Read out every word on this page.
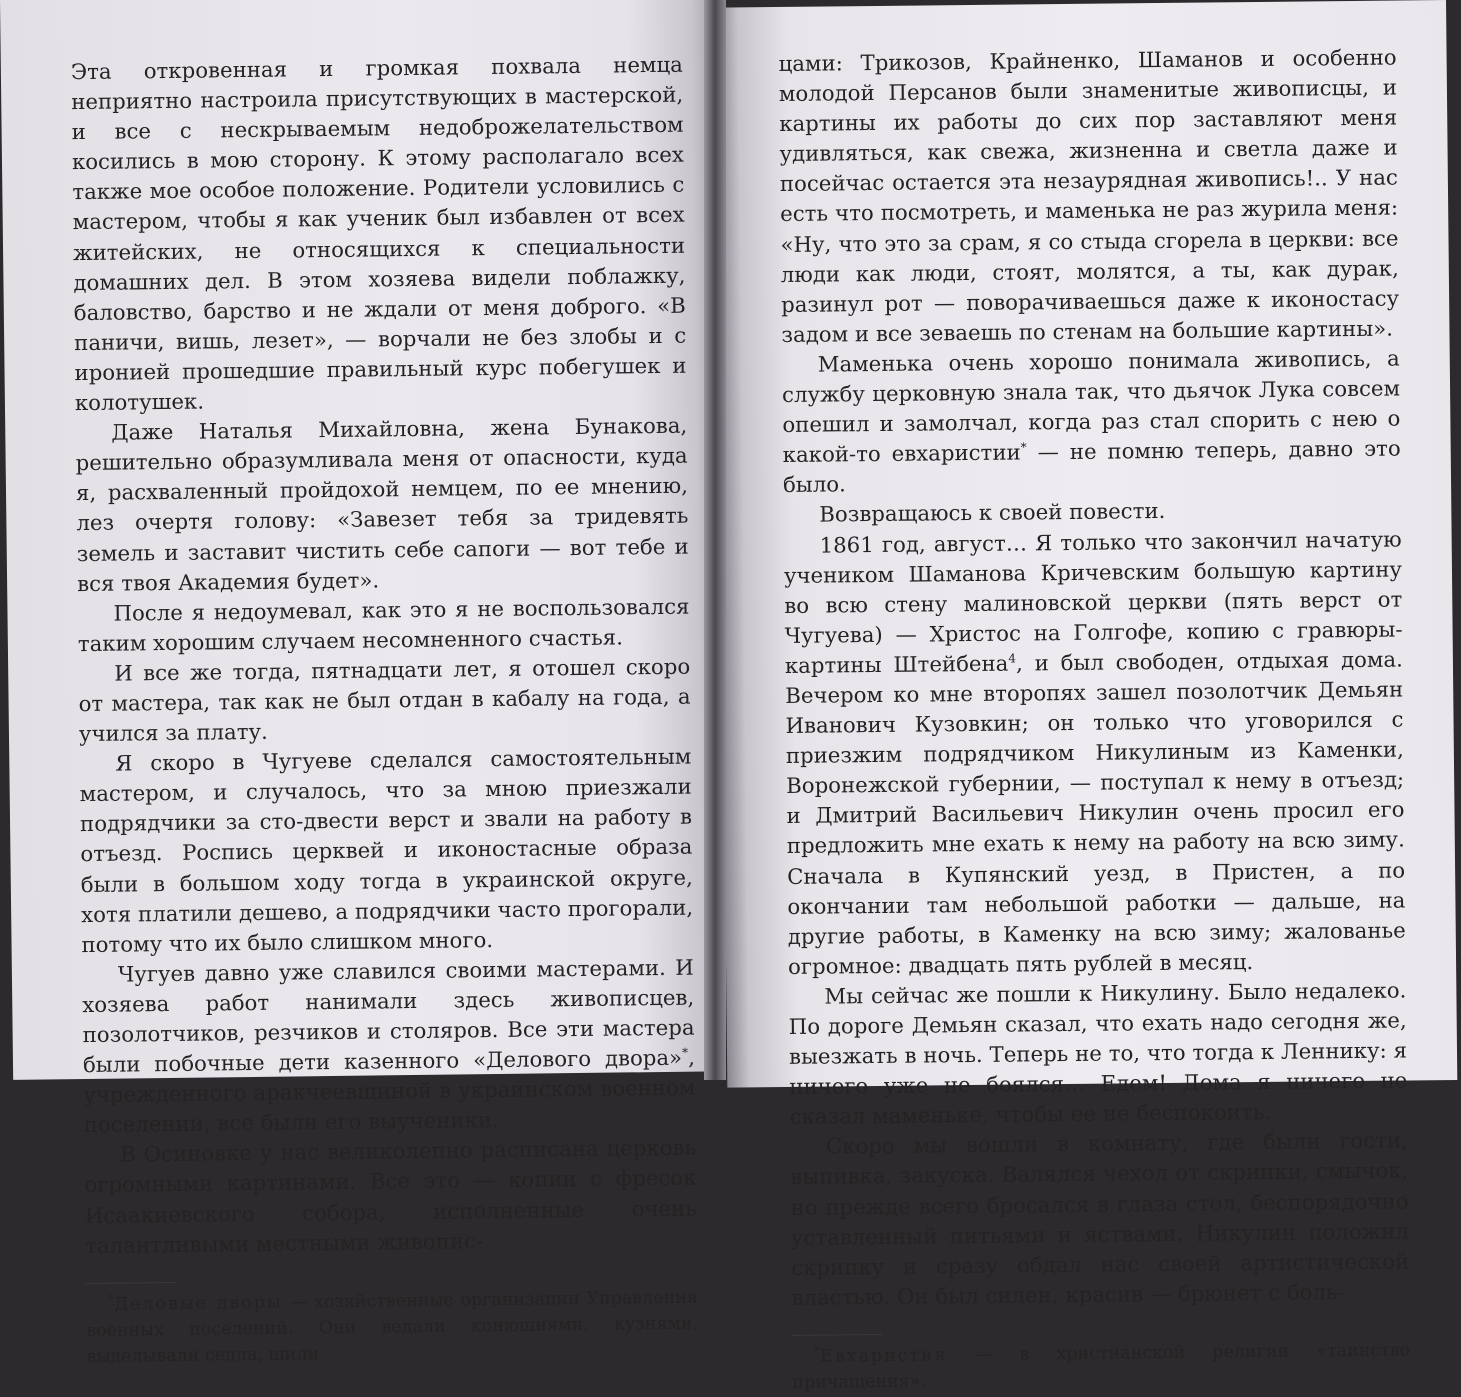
Эта откровенная и громкая похвала немца неприятно настроила присутствующих в мастерской, и все с нескрываемым недоброжелательством косились в мою сторону. К этому располагало всех также мое особое положение. Родители условились с мастером, чтобы я как ученик был избавлен от всех житейских, не относящихся к специальности домашних дел. В этом хозяева видели поблажку, баловство, барство и не ждали от меня доброго. «В паничи, вишь, лезет», — ворчали не без злобы и с иронией прошедшие правильный курс побегушек и колотушек.

Даже Наталья Михайловна, жена Бунакова, решительно образумливала меня от опасности, куда я, расхваленный пройдохой немцем, по ее мнению, лез очертя голову: «Завезет тебя за тридевять земель и заставит чистить себе сапоги — вот тебе и вся твоя Академия будет».

После я недоумевал, как это я не воспользовался таким хорошим случаем несомненного счастья.

И все же тогда, пятнадцати лет, я отошел скоро от мастера, так как не был отдан в кабалу на года, а учился за плату.

Я скоро в Чугуеве сделался самостоятельным мастером, и случалось, что за мною приезжали подрядчики за сто-двести верст и звали на работу в отъезд. Роспись церквей и иконостасные образа были в большом ходу тогда в украинской округе, хотя платили дешево, а подрядчики часто прогорали, потому что их было слишком много.

Чугуев давно уже славился своими мастерами. И хозяева работ нанимали здесь живописцев, позолотчиков, резчиков и столяров. Все эти мастера были побочные дети казенного «Делового двора»*, учрежденного аракчеевщиной в украинском военном поселении, все были его выученики.

В Осиновке у нас великолепно расписана церковь огромными картинами. Все это — копии с фресок Исаакиевского собора, исполненные очень талантливыми местными живопис-

*Деловые дворы — хозяйственные организации Управления военных поселений. Они ведали конюшнями, кузнями, выделывали седла, шили

цами: Трикозов, Крайненко, Шаманов и особенно молодой Персанов были знаменитые живописцы, и картины их работы до сих пор заставляют меня удивляться, как свежа, жизненна и светла даже и посейчас остается эта незаурядная живопись!.. У нас есть что посмотреть, и маменька не раз журила меня: «Ну, что это за срам, я со стыда сгорела в церкви: все люди как люди, стоят, молятся, а ты, как дурак, разинул рот — поворачиваешься даже к иконостасу задом и все зеваешь по стенам на большие картины».

Маменька очень хорошо понимала живопись, а службу церковную знала так, что дьячок Лука совсем опешил и замолчал, когда раз стал спорить с нею о какой-то евхаристии* — не помню теперь, давно это было.

Возвращаюсь к своей повести.

1861 год, август… Я только что закончил начатую учеником Шаманова Кричевским большую картину во всю стену малиновской церкви (пять верст от Чугуева) — Христос на Голгофе, копию с гравюры-картины Штейбена$^4$, и был свободен, отдыхая дома. Вечером ко мне второпях зашел позолотчик Демьян Иванович Кузовкин; он только что уговорился с приезжим подрядчиком Никулиным из Каменки, Воронежской губернии, — поступал к нему в отъезд; и Дмитрий Васильевич Никулин очень просил его предложить мне ехать к нему на работу на всю зиму. Сначала в Купянский уезд, в Пристен, а по окончании там небольшой работки — дальше, на другие работы, в Каменку на всю зиму; жалованье огромное: двадцать пять рублей в месяц.

Мы сейчас же пошли к Никулину. Было недалеко. По дороге Демьян сказал, что ехать надо сегодня же, выезжать в ночь. Теперь не то, что тогда к Леннику: я ничего уже не боялся… Едем! Дома я ничего не сказал маменьке, чтобы ее не беспокоить.

Скоро мы вошли в комнату, где были гости, выпивка, закуска. Валялся чехол от скрипки, смычок, но прежде всего бросался в глаза стол, беспорядочно уставленный питьями и яствами. Никулин положил скрипку и сразу обдал нас своей артистической властью. Он был силен, красив — брюнет с боль-

*Евхаристия — в христианской религии «таинство причащения».
